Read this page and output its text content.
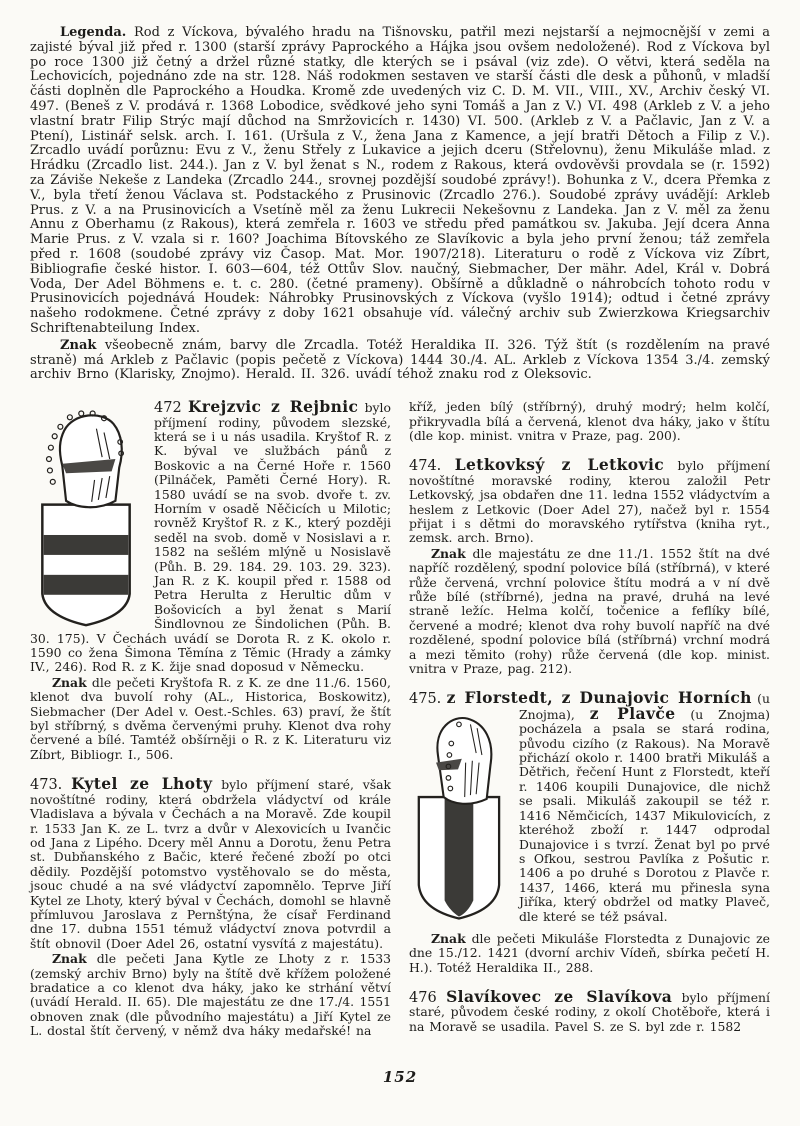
Legenda. Rod z Víckova, bývalého hradu na Tišnovsku, patřil mezi nejstarší a nejmocnější v zemi a zajisté býval již před r. 1300 (starší zprávy Paprockého a Hájka jsou ovšem nedoložené). Rod z Víckova byl po roce 1300 již četný a držel různé statky, dle kterých se i psával (viz zde). O větvi, která seděla na Lechovicích, pojednáno zde na str. 128. Náš rodokmen sestaven ve starší části dle desk a půhonů, v mladší části doplněn dle Paprockého a Houdka. Kromě zde uvedených viz C. D. M. VII., VIII., XV., Archiv český VI. 497. (Beneš z V. prodává r. 1368 Lobodice, svědkové jeho syni Tomáš a Jan z V.) VI. 498 (Arkleb z V. a jeho vlastní bratr Filip Strýc mají důchod na Smržovicích r. 1430) VI. 500. (Arkleb z V. a Pačlavic, Jan z V. a Ptení), Listinář selsk. arch. I. 161. (Uršula z V., žena Jana z Kamence, a její bratři Dětoch a Filip z V.). Zrcadlo uvádí porůznu: Evu z V., ženu Střely z Lukavice a jejich dceru (Střelovnu), ženu Mikuláše mlad. z Hrádku (Zrcadlo list. 244.). Jan z V. byl ženat s N., rodem z Rakous, která ovdověvši provdala se (r. 1592) za Záviše Nekeše z Landeka (Zrcadlo 244., srovnej pozdější soudobé zprávy!). Bohunka z V., dcera Přemka z V., byla třetí ženou Václava st. Podstackého z Prusinovic (Zrcadlo 276.). Soudobé zprávy uvádějí: Arkleb Prus. z V. a na Prusinovicích a Vsetíně měl za ženu Lukrecii Nekešovnu z Landeka. Jan z V. měl za ženu Annu z Oberhamu (z Rakous), která zemřela r. 1603 ve středu před památkou sv. Jakuba. Její dcera Anna Marie Prus. z V. vzala si r. 160? Joachima Bítovského ze Slavíkovic a byla jeho první ženou; táž zemřela před r. 1608 (soudobé zprávy viz Časop. Mat. Mor. 1907/218). Literaturu o rodě z Víckova viz Zíbrt, Bibliografie české histor. I. 603—604, též Ottův Slov. naučný, Siebmacher, Der mähr. Adel, Král v. Dobrá Voda, Der Adel Böhmens e. t. c. 280. (četné prameny). Obšírně a důkladně o náhrobcích tohoto rodu v Prusinovicích pojednává Houdek: Náhrobky Prusinovských z Víckova (vyšlo 1914); odtud i četné zprávy našeho rodokmene. Četné zprávy z doby 1621 obsahuje víd. válečný archiv sub Zwierzkowa Kriegsarchiv Schriftenabteilung Index.

Znak všeobecně znám, barvy dle Zrcadla. Totéž Heraldika II. 326. Týž štít (s rozdělením na pravé straně) má Arkleb z Pačlavic (popis pečetě z Víckova) 1444 30./4. AL. Arkleb z Víckova 1354 3./4. zemský archiv Brno (Klarisky, Znojmo). Herald. II. 326. uvádí téhož znaku rod z Oleksovic.

472 Krejzvic z Rejbnic bylo příjmení rodiny, původem slezské, která se i u nás usadila. Kryštof R. z K. býval ve službách pánů z Boskovic a na Černé Hoře r. 1560 (Pilnáček, Paměti Černé Hory). R. 1580 uvádí se na svob. dvoře t. zv. Horním v osadě Něčicích u Milotic; rovněž Kryštof R. z K., který později seděl na svob. domě v Nosislavi a r. 1582 na sešlém mlýně u Nosislavě (Půh. B. 29. 184. 29. 103. 29. 323). Jan R. z K. koupil před r. 1588 od Petra Herulta z Herultic dům v Bošovicích a byl ženat s Marií Šindlovnou ze Šindolichen (Půh. B. 30. 175). V Čechách uvádí se Dorota R. z K. okolo r. 1590 co žena Šimona Těmína z Těmic (Hrady a zámky IV., 246). Rod R. z K. žije snad doposud v Německu.

Znak dle pečeti Kryštofa R. z K. ze dne 11./6. 1560, klenot dva buvolí rohy (AL., Historica, Boskowitz), Siebmacher (Der Adel v. Oest.-Schles. 63) praví, že štít byl stříbrný, s dvěma červenými pruhy. Klenot dva rohy červené a bílé. Tamtéž obšírněji o R. z K. Literaturu viz Zíbrt, Bibliogr. I., 506.

473. Kytel ze Lhoty bylo příjmení staré, však novoštítné rodiny, která obdržela vládyctví od krále Vladislava a bývala v Čechách a na Moravě. Zde koupil r. 1533 Jan K. ze L. tvrz a dvůr v Alexovicích u Ivančic od Jana z Lipého. Dcery měl Annu a Dorotu, ženu Petra st. Dubňanského z Bačic, které řečené zboží po otci dědily. Pozdější potomstvo vystěhovalo se do města, jsouc chudé a na své vládyctví zapomnělo. Teprve Jiří Kytel ze Lhoty, který býval v Čechách, domohl se hlavně přímluvou Jaroslava z Pernštýna, že císař Ferdinand dne 17. dubna 1551 témuž vládyctví znova potvrdil a štít obnovil (Doer Adel 26, ostatní vysvítá z majestátu).

Znak dle pečeti Jana Kytle ze Lhoty z r. 1533 (zemský archiv Brno) byly na štítě dvě křížem položené bradatice a co klenot dva háky, jako ke strhání větví (uvádí Herald. II. 65). Dle majestátu ze dne 17./4. 1551 obnoven znak (dle původního majestátu) a Jiří Kytel ze L. dostal štít červený, v němž dva háky medařské! na

kříž, jeden bílý (stříbrný), druhý modrý; helm kolčí, přikryvadla bílá a červená, klenot dva háky, jako v štítu (dle kop. minist. vnitra v Praze, pag. 200).

474. Letkovksý z Letkovic bylo příjmení novoštítné moravské rodiny, kterou založil Petr Letkovský, jsa obdařen dne 11. ledna 1552 vládyctvím a heslem z Letkovic (Doer Adel 27), načež byl r. 1554 přijat i s dětmi do moravského rytířstva (kniha ryt., zemsk. arch. Brno).

Znak dle majestátu ze dne 11./1. 1552 štít na dvé napříč rozdělený, spodní polovice bílá (stříbrná), v které růže červená, vrchní polovice štítu modrá a v ní dvě růže bílé (stříbrné), jedna na pravé, druhá na levé straně ležíc. Helma kolčí, točenice a feflíky bílé, červené a modré; klenot dva rohy buvolí napříč na dvé rozdělené, spodní polovice bílá (stříbrná) vrchní modrá a mezi těmito (rohy) růže červená (dle kop. minist. vnitra v Praze, pag. 212).

475. z Florstedt, z Dunajovic Horních (u Znojma), z Plavče (u Znojma)
pocházela a psala se stará rodina, původu cizího (z Rakous). Na Moravě přichází okolo r. 1400 bratři Mikuláš a Dětřich, řečení Hunt z Florstedt, kteří r. 1406 koupili Dunajovice, dle nichž se psali. Mikuláš zakoupil se též r. 1416 Němčicích, 1437 Mikulovicích, z kteréhož zboží r. 1447 odprodal Dunajovice i s tvrzí. Ženat byl po prvé s Ofkou, sestrou Pavlíka z Pošutic r. 1406 a po druhé s Dorotou z Plavče r. 1437, 1466, která mu přinesla syna Jiříka, který obdržel od matky Plaveč, dle které se též psával.

Znak dle pečeti Mikuláše Florstedta z Dunajovic ze dne 15./12. 1421 (dvorní archiv Vídeň, sbírka pečetí H. H.). Totéž Heraldika II., 288.

476 Slavíkovec ze Slavíkova bylo příjmení staré, původem české rodiny, z okolí Chotěboře, která i na Moravě se usadila. Pavel S. ze S. byl zde r. 1582

152
